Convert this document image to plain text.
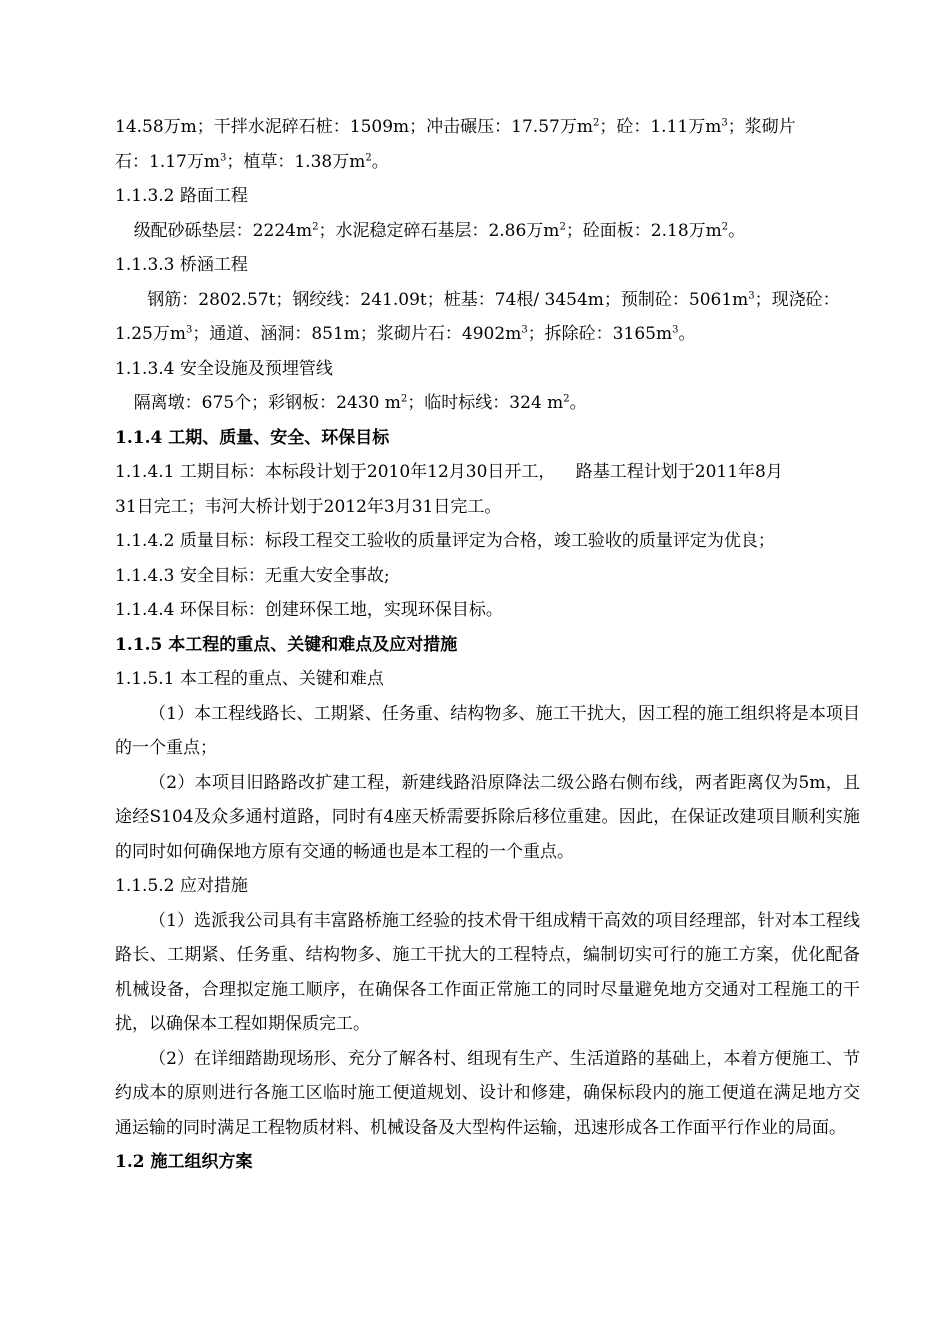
14.58万m；干拌水泥碎石桩：1509m；冲击碾压：17.57万$m^2$；砼：1.11万$m^3$；浆砌片
石：1.17万$m^3$；植草：1.38万$m^2$。
1.1.3.2 路面工程
级配砂砾垫层：$2224m^2$；水泥稳定碎石基层：2.86万$m^2$；砼面板：2.18万$m^2$。
1.1.3.3 桥涵工程
钢筋：2802.57t；钢绞线：241.09t；桩基：74根/ 3454m；预制砼：$5061m^3$；现浇砼：
1.25万$m^3$；通道、涵洞：851m；浆砌片石：$4902m^3$；拆除砼：$3165m^3$。
1.1.3.4 安全设施及预埋管线
隔离墩：675个；彩钢板：2430 $m^2$；临时标线：324 $m^2$。
1.1.4 工期、质量、安全、环保目标
1.1.4.1 工期目标：本标段计划于2010年12月30日开工， 路基工程计划于2011年8月
31日完工；韦河大桥计划于2012年3月31日完工。
1.1.4.2 质量目标：标段工程交工验收的质量评定为合格，竣工验收的质量评定为优良；
1.1.4.3 安全目标：无重大安全事故;
1.1.4.4 环保目标：创建环保工地，实现环保目标。
1.1.5 本工程的重点、关键和难点及应对措施
1.1.5.1 本工程的重点、关键和难点
（1）本工程线路长、工期紧、任务重、结构物多、施工干扰大，因工程的施工组织将是本项目的一个重点；
（2）本项目旧路路改扩建工程，新建线路沿原降法二级公路右侧布线，两者距离仅为5m，且途经S104及众多通村道路，同时有4座天桥需要拆除后移位重建。因此，在保证改建项目顺利实施的同时如何确保地方原有交通的畅通也是本工程的一个重点。
1.1.5.2 应对措施
（1）选派我公司具有丰富路桥施工经验的技术骨干组成精干高效的项目经理部，针对本工程线路长、工期紧、任务重、结构物多、施工干扰大的工程特点，编制切实可行的施工方案，优化配备机械设备，合理拟定施工顺序，在确保各工作面正常施工的同时尽量避免地方交通对工程施工的干扰，以确保本工程如期保质完工。
（2）在详细踏勘现场形、充分了解各村、组现有生产、生活道路的基础上，本着方便施工、节约成本的原则进行各施工区临时施工便道规划、设计和修建，确保标段内的施工便道在满足地方交通运输的同时满足工程物质材料、机械设备及大型构件运输，迅速形成各工作面平行作业的局面。
1.2 施工组织方案
